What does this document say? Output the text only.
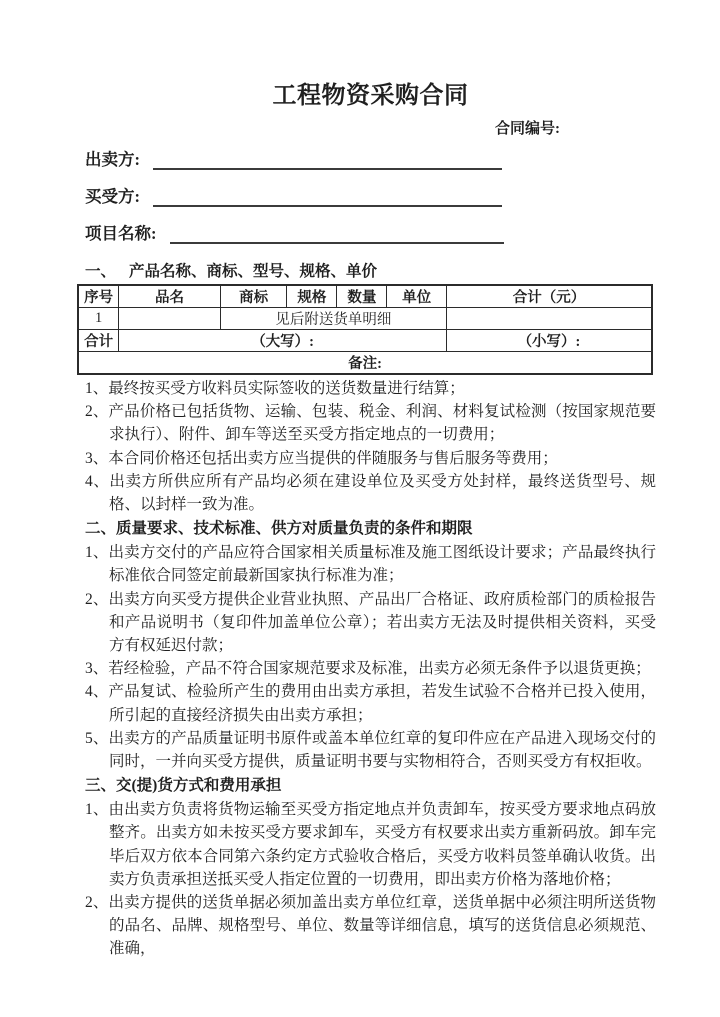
工程物资采购合同
合同编号:
出卖方:
买受方:
项目名称:
一、 产品名称、商标、型号、规格、单价
序号	品名	商标	规格	数量	单位	合计（元）
1		见后附送货单明细				
合计	（大写）:					（小写）:
备注:						
1、最终按买受方收料员实际签收的送货数量进行结算；
2、产品价格已包括货物、运输、包装、税金、利润、材料复试检测（按国家规范要求执行）、附件、卸车等送至买受方指定地点的一切费用；
3、本合同价格还包括出卖方应当提供的伴随服务与售后服务等费用；
4、出卖方所供应所有产品均必须在建设单位及买受方处封样，最终送货型号、规格、以封样一致为准。
二、质量要求、技术标准、供方对质量负责的条件和期限
1、出卖方交付的产品应符合国家相关质量标准及施工图纸设计要求；产品最终执行标准依合同签定前最新国家执行标准为准；
2、出卖方向买受方提供企业营业执照、产品出厂合格证、政府质检部门的质检报告和产品说明书（复印件加盖单位公章）；若出卖方无法及时提供相关资料，买受方有权延迟付款；
3、若经检验，产品不符合国家规范要求及标准，出卖方必须无条件予以退货更换；
4、产品复试、检验所产生的费用由出卖方承担，若发生试验不合格并已投入使用，所引起的直接经济损失由出卖方承担；
5、出卖方的产品质量证明书原件或盖本单位红章的复印件应在产品进入现场交付的同时，一并向买受方提供，质量证明书要与实物相符合，否则买受方有权拒收。
三、交(提)货方式和费用承担
1、由出卖方负责将货物运输至买受方指定地点并负责卸车，按买受方要求地点码放整齐。出卖方如未按买受方要求卸车，买受方有权要求出卖方重新码放。卸车完毕后双方依本合同第六条约定方式验收合格后，买受方收料员签单确认收货。出卖方负责承担送抵买受人指定位置的一切费用，即出卖方价格为落地价格；
2、出卖方提供的送货单据必须加盖出卖方单位红章，送货单据中必须注明所送货物的品名、品牌、规格型号、单位、数量等详细信息，填写的送货信息必须规范、准确，
